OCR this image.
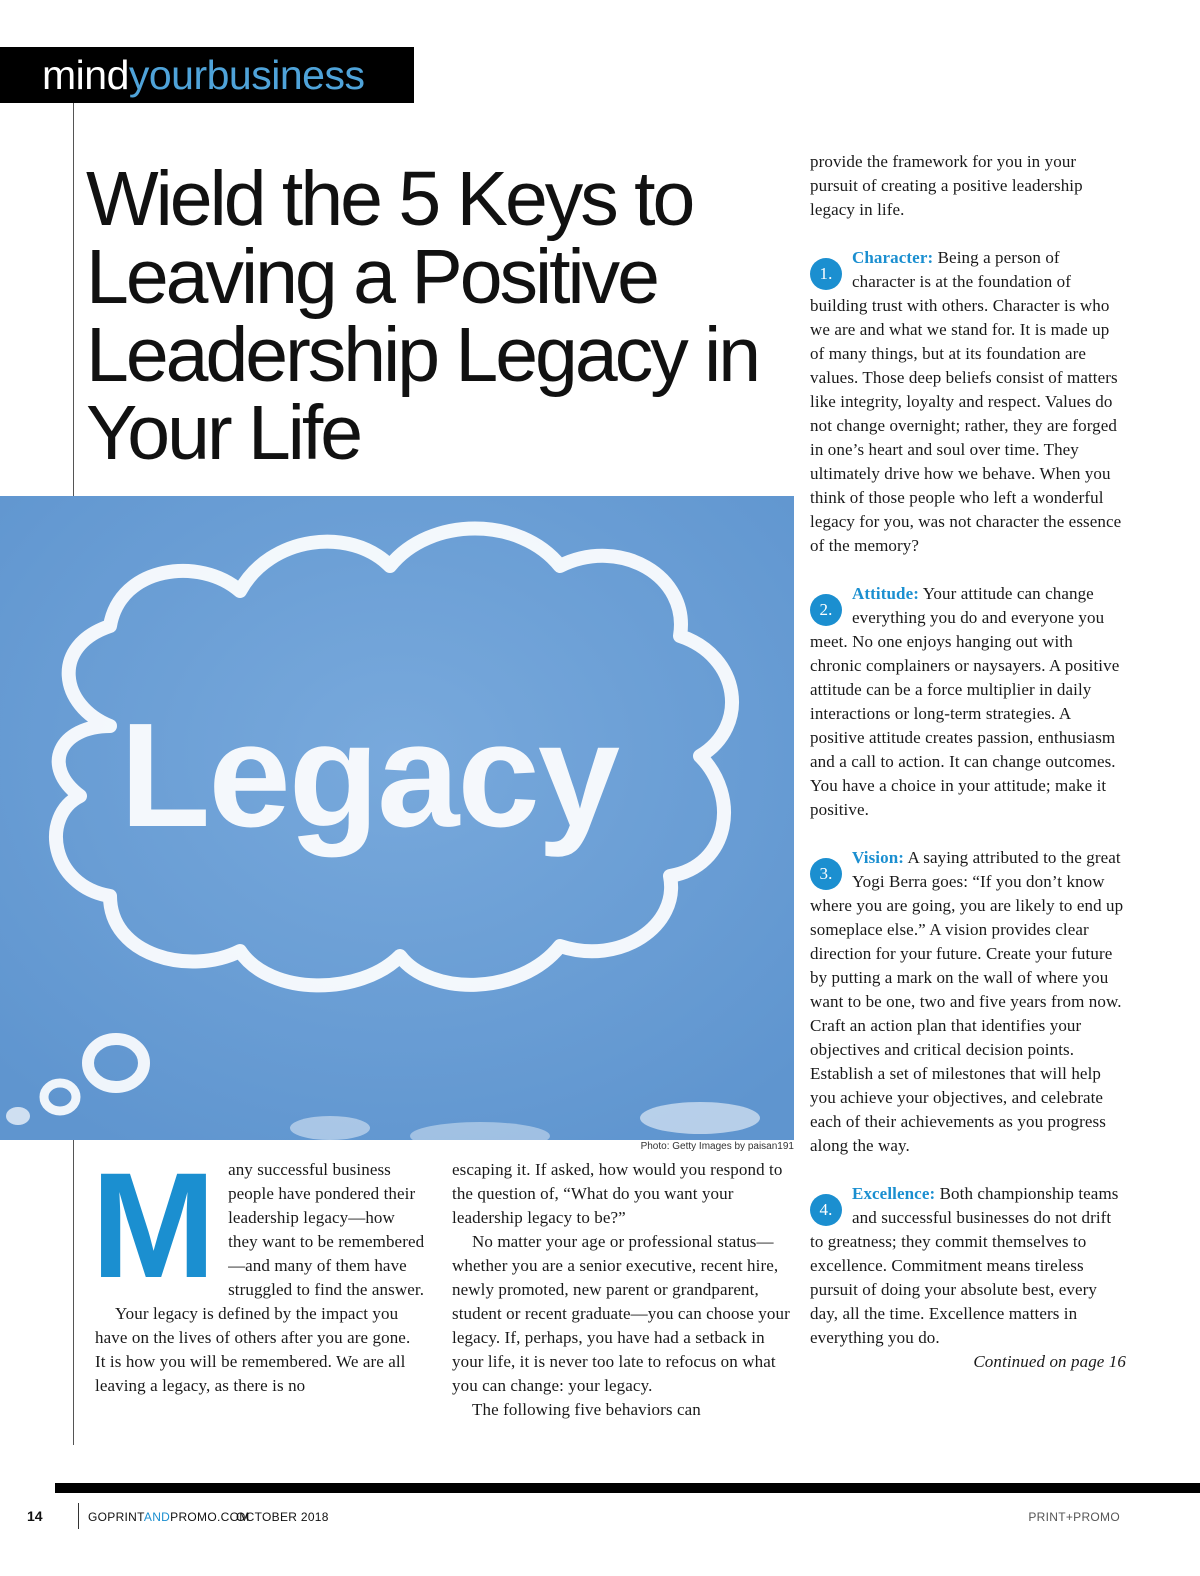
mindyourbusiness
Wield the 5 Keys to Leaving a Positive Leadership Legacy in Your Life
Legacy
Photo: Getty Images by paisan191
M any successful business people have pondered their leadership legacy—how they want to be remembered—and many of them have struggled to find the answer.

Your legacy is defined by the impact you have on the lives of others after you are gone. It is how you will be remembered. We are all leaving a legacy, as there is no

escaping it. If asked, how would you respond to the question of, “What do you want your leadership legacy to be?”

No matter your age or professional status—whether you are a senior executive, recent hire, newly promoted, new parent or grandparent, student or recent graduate—you can choose your legacy. If, perhaps, you have had a setback in your life, it is never too late to refocus on what you can change: your legacy.

The following five behaviors can

provide the framework for you in your pursuit of creating a positive leadership legacy in life.

1.
Character: Being a person of character is at the foundation of building trust with others. Character is who we are and what we stand for. It is made up of many things, but at its foundation are values. Those deep beliefs consist of matters like integrity, loyalty and respect. Values do not change overnight; rather, they are forged in one’s heart and soul over time. They ultimately drive how we behave. When you think of those people who left a wonderful legacy for you, was not character the essence of the memory?
2.
Attitude: Your attitude can change everything you do and everyone you meet. No one enjoys hanging out with chronic complainers or naysayers. A positive attitude can be a force multiplier in daily interactions or long-term strategies. A positive attitude creates passion, enthusiasm and a call to action. It can change outcomes. You have a choice in your attitude; make it positive.
3.
Vision: A saying attributed to the great Yogi Berra goes: “If you don’t know where you are going, you are likely to end up someplace else.” A vision provides clear direction for your future. Create your future by putting a mark on the wall of where you want to be one, two and five years from now. Craft an action plan that identifies your objectives and critical decision points. Establish a set of milestones that will help you achieve your objectives, and celebrate each of their achievements as you progress along the way.
4.
Excellence: Both championship teams and successful businesses do not drift to greatness; they commit themselves to excellence. Commitment means tireless pursuit of doing your absolute best, every day, all the time. Excellence matters in everything you do.

Continued on page 16

14	GOPRINTANDPROMO.COM
OCTOBER 2018	PRINT+PROMO
